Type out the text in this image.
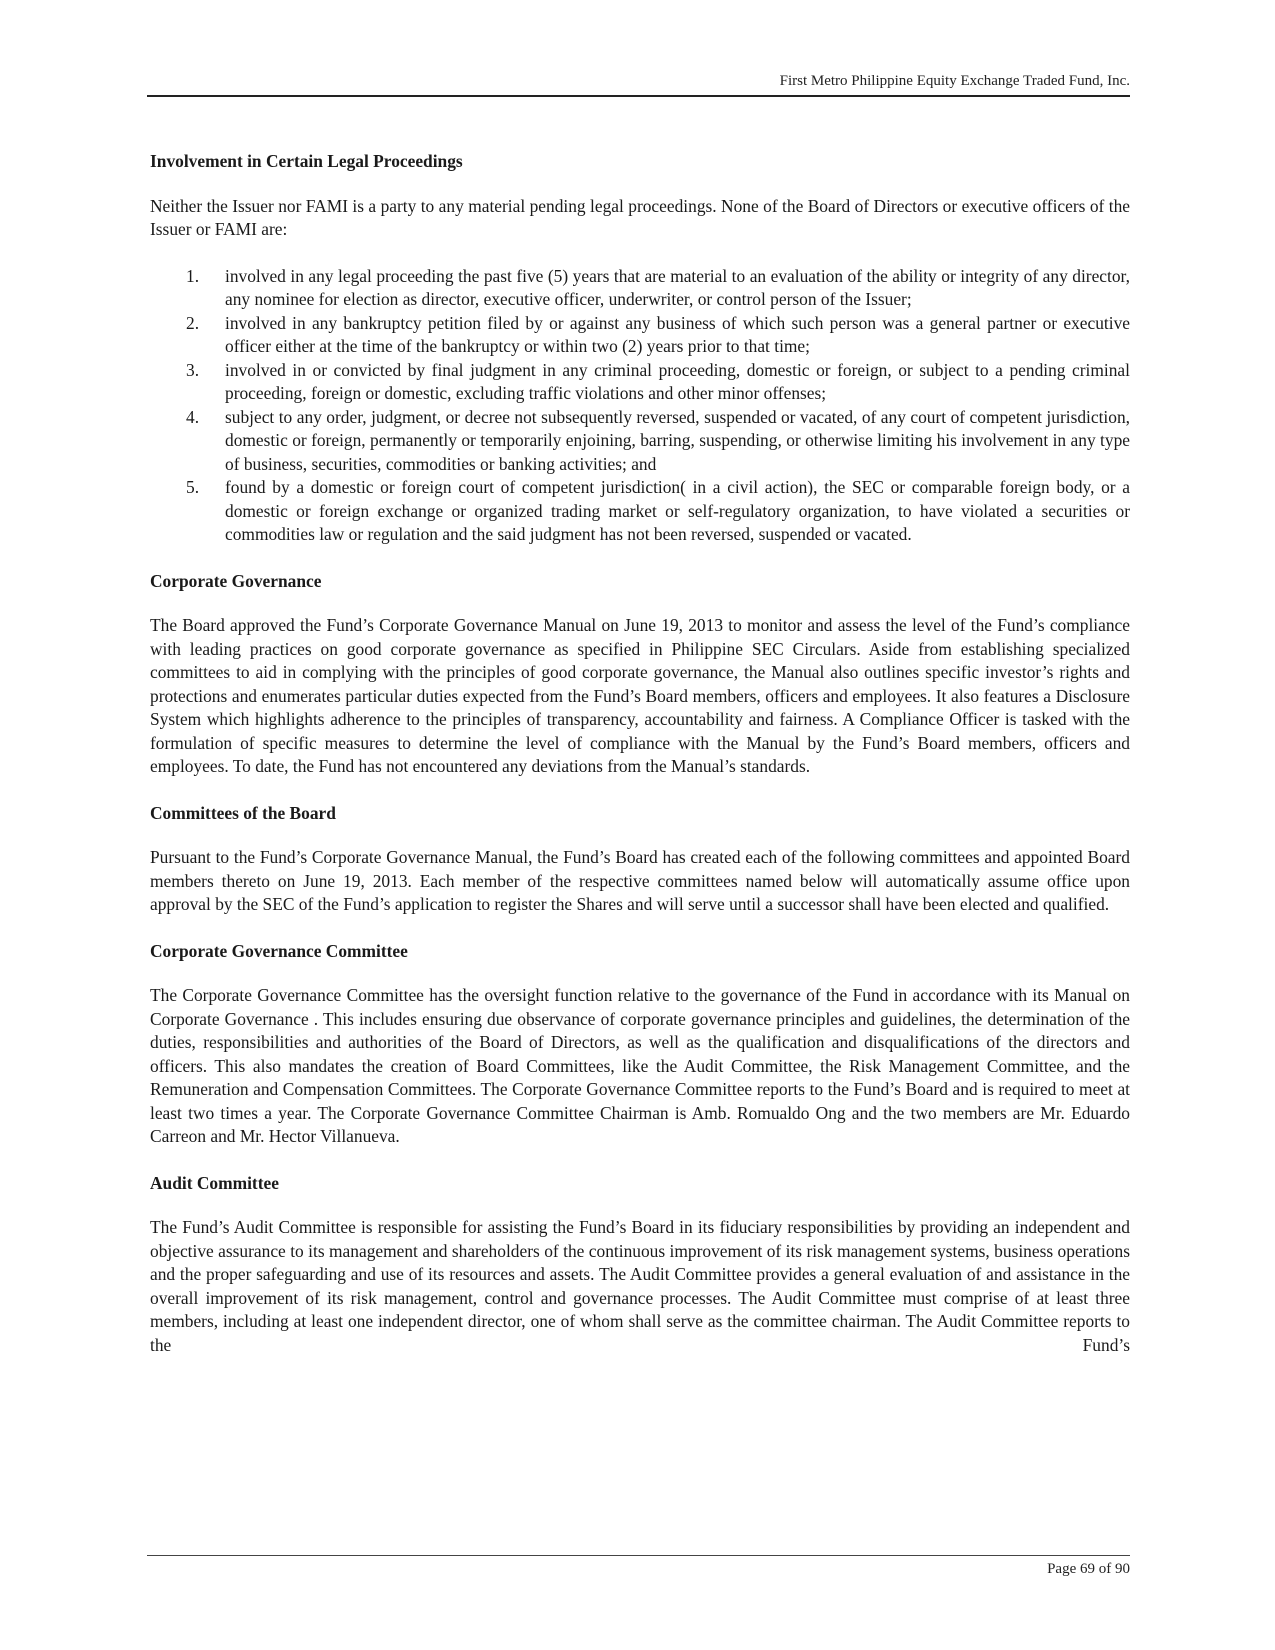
First Metro Philippine Equity Exchange Traded Fund, Inc.
Involvement in Certain Legal Proceedings

Neither the Issuer nor FAMI is a party to any material pending legal proceedings. None of the Board of Directors or executive officers of the Issuer or FAMI are:

1. involved in any legal proceeding the past five (5) years that are material to an evaluation of the ability or integrity of any director, any nominee for election as director, executive officer, underwriter, or control person of the Issuer;
2. involved in any bankruptcy petition filed by or against any business of which such person was a general partner or executive officer either at the time of the bankruptcy or within two (2) years prior to that time;
3. involved in or convicted by final judgment in any criminal proceeding, domestic or foreign, or subject to a pending criminal proceeding, foreign or domestic, excluding traffic violations and other minor offenses;
4. subject to any order, judgment, or decree not subsequently reversed, suspended or vacated, of any court of competent jurisdiction, domestic or foreign, permanently or temporarily enjoining, barring, suspending, or otherwise limiting his involvement in any type of business, securities, commodities or banking activities; and
5. found by a domestic or foreign court of competent jurisdiction( in a civil action), the SEC or comparable foreign body, or a domestic or foreign exchange or organized trading market or self-regulatory organization, to have violated a securities or commodities law or regulation and the said judgment has not been reversed, suspended or vacated.
Corporate Governance

The Board approved the Fund’s Corporate Governance Manual on June 19, 2013 to monitor and assess the level of the Fund’s compliance with leading practices on good corporate governance as specified in Philippine SEC Circulars. Aside from establishing specialized committees to aid in complying with the principles of good corporate governance, the Manual also outlines specific investor’s rights and protections and enumerates particular duties expected from the Fund’s Board members, officers and employees. It also features a Disclosure System which highlights adherence to the principles of transparency, accountability and fairness. A Compliance Officer is tasked with the formulation of specific measures to determine the level of compliance with the Manual by the Fund’s Board members, officers and employees. To date, the Fund has not encountered any deviations from the Manual’s standards.

Committees of the Board

Pursuant to the Fund’s Corporate Governance Manual, the Fund’s Board has created each of the following committees and appointed Board members thereto on June 19, 2013. Each member of the respective committees named below will automatically assume office upon approval by the SEC of the Fund’s application to register the Shares and will serve until a successor shall have been elected and qualified.

Corporate Governance Committee

The Corporate Governance Committee has the oversight function relative to the governance of the Fund in accordance with its Manual on Corporate Governance . This includes ensuring due observance of corporate governance principles and guidelines, the determination of the duties, responsibilities and authorities of the Board of Directors, as well as the qualification and disqualifications of the directors and officers. This also mandates the creation of Board Committees, like the Audit Committee, the Risk Management Committee, and the Remuneration and Compensation Committees. The Corporate Governance Committee reports to the Fund’s Board and is required to meet at least two times a year. The Corporate Governance Committee Chairman is Amb. Romualdo Ong and the two members are Mr. Eduardo Carreon and Mr. Hector Villanueva.

Audit Committee

The Fund’s Audit Committee is responsible for assisting the Fund’s Board in its fiduciary responsibilities by providing an independent and objective assurance to its management and shareholders of the continuous improvement of its risk management systems, business operations and the proper safeguarding and use of its resources and assets. The Audit Committee provides a general evaluation of and assistance in the overall improvement of its risk management, control and governance processes. The Audit Committee must comprise of at least three members, including at least one independent director, one of whom shall serve as the committee chairman. The Audit Committee reports to the Fund’s

Page 69 of 90
